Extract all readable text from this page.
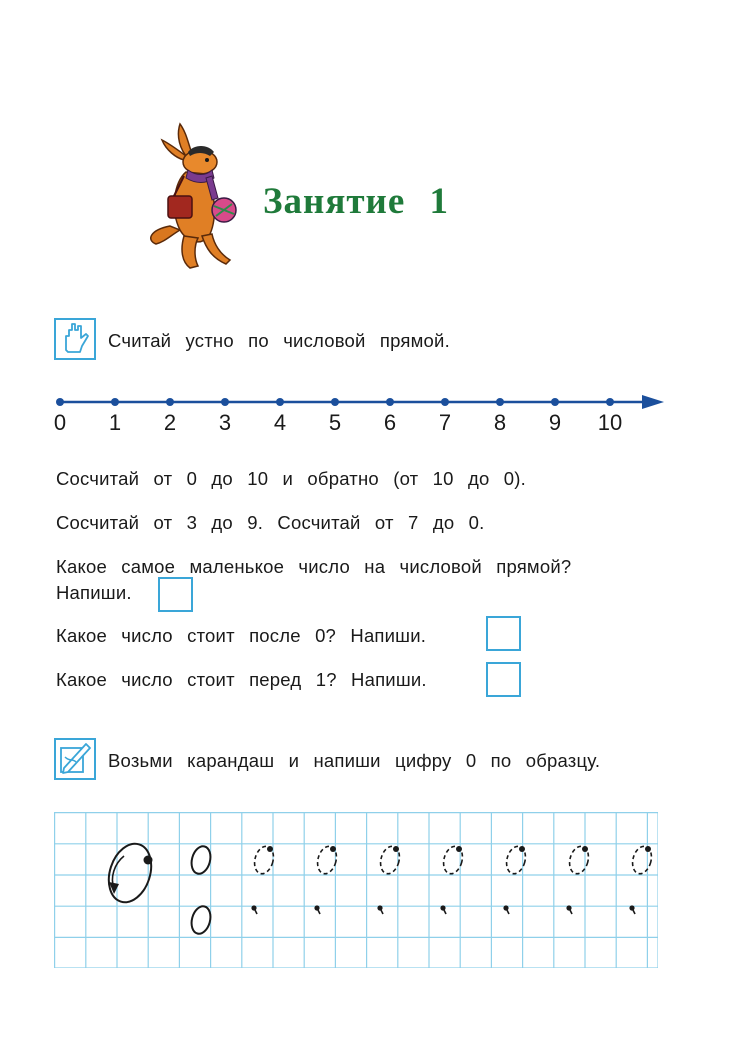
Занятие 1
Считай устно по числовой прямой.
0	1	2	3	4	5	6	7	8	9	10
Сосчитай от 0 до 10 и обратно (от 10 до 0).
Сосчитай от 3 до 9. Сосчитай от 7 до 0.
Какое самое маленькое число на числовой прямой?
Напиши.
Какое число стоит после 0? Напиши.
Какое число стоит перед 1? Напиши.
Возьми карандаш и напиши цифру 0 по образцу.
